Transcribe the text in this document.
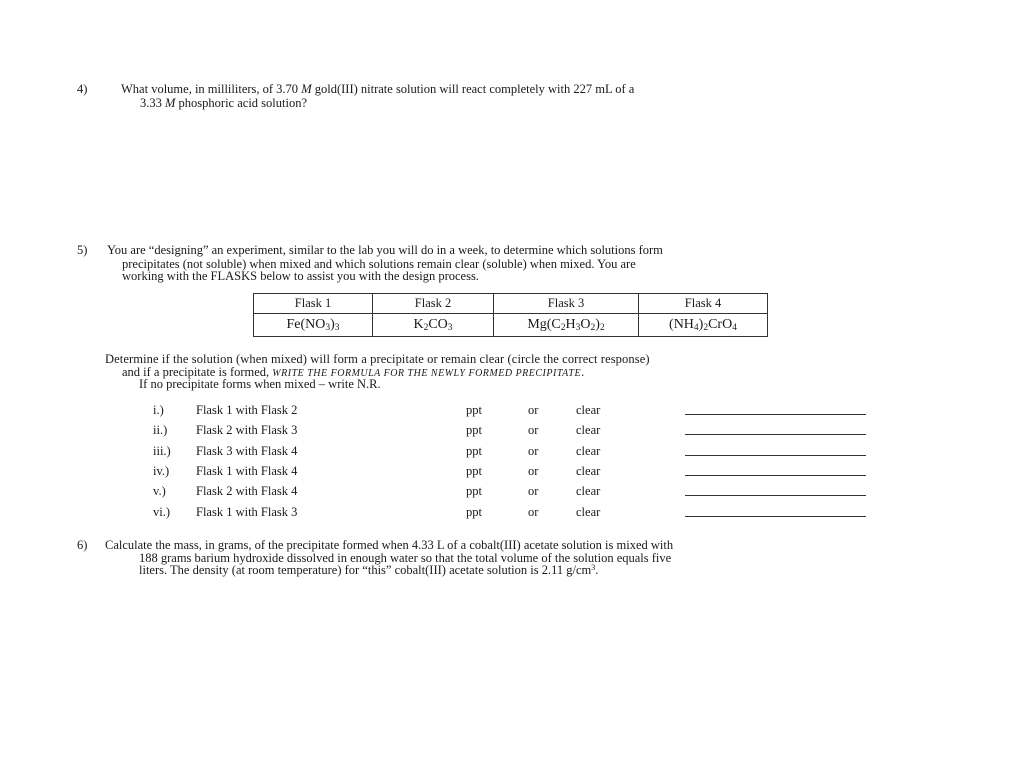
4)	What volume, in milliliters, of 3.70 M gold(III) nitrate solution will react completely with 227 mL of a
3.33 M phosphoric acid solution?
5) You are “designing” an experiment, similar to the lab you will do in a week, to determine which solutions form
precipitates (not soluble) when mixed and which solutions remain clear (soluble) when mixed. You are
working with the FLASKS below to assist you with the design process.
Flask 1	Flask 2	Flask 3	Flask 4
$Fe(NO_3)_3$	$K_2CO_3$	$Mg(C_2H_3O_2)_2$	$(NH_4)_2CrO_4$
Determine if the solution (when mixed) will form a precipitate or remain clear (circle the correct response)
and if a precipitate is formed, WRITE THE FORMULA FOR THE NEWLY FORMED PRECIPITATE.
If no precipitate forms when mixed – write N.R.
i.)	Flask 1 with Flask 2	ppt	or	clear
ii.) Flask 2 with Flask 3	ppt	or	clear
iii.) Flask 3 with Flask 4	ppt	or	clear
iv.) Flask 1 with Flask 4	ppt	or	clear
v.) Flask 2 with Flask 4	ppt	or	clear
vi.) Flask 1 with Flask 3	ppt	or	clear
6) Calculate the mass, in grams, of the precipitate formed when 4.33 L of a cobalt(III) acetate solution is mixed with
188 grams barium hydroxide dissolved in enough water so that the total volume of the solution equals five
liters. The density (at room temperature) for “this” cobalt(III) acetate solution is 2.11 $g/cm^3$.
